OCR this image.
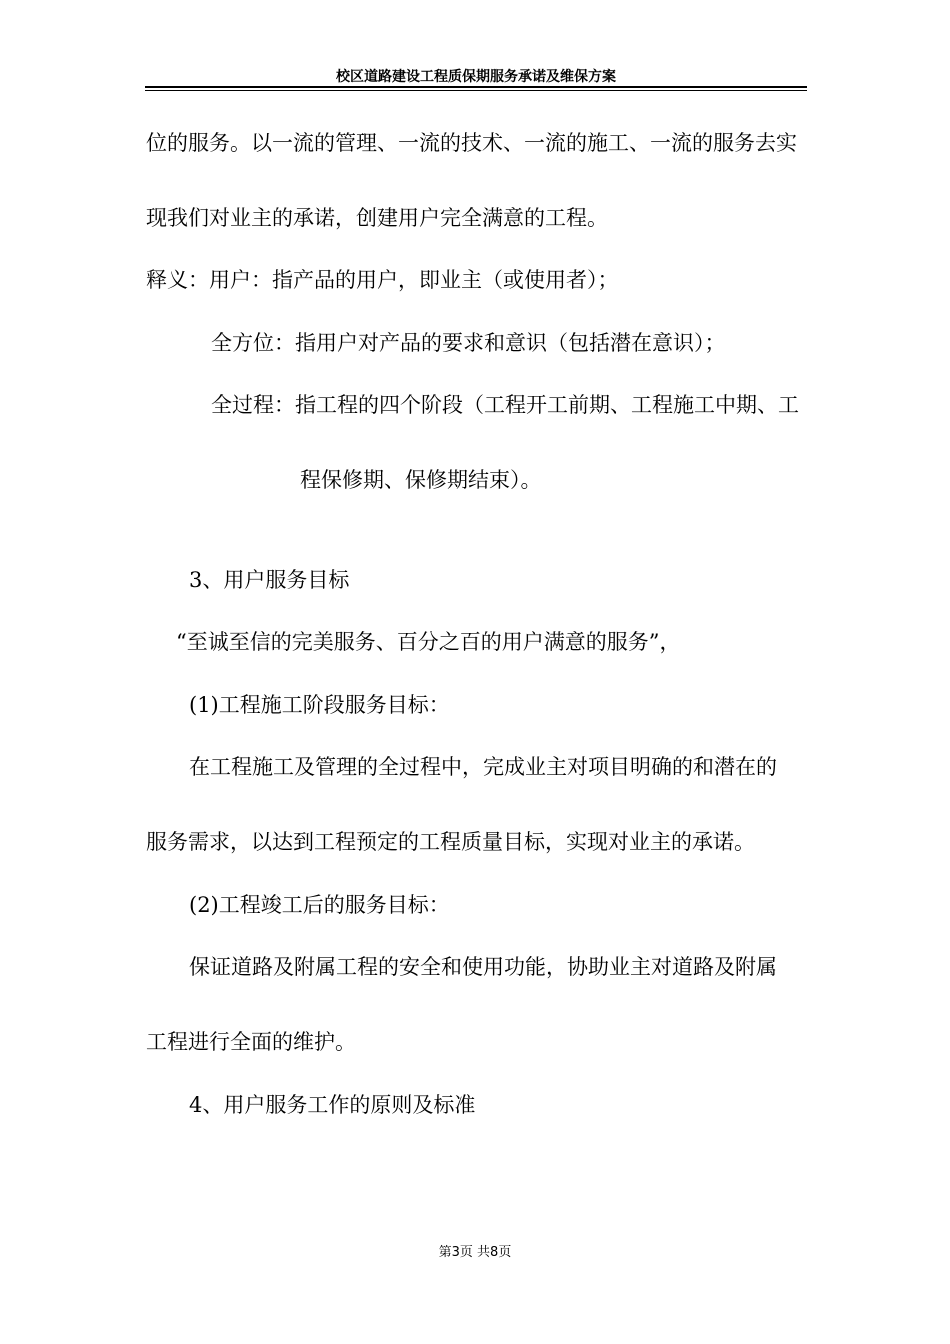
校区道路建设工程质保期服务承诺及维保方案
位的服务。以一流的管理、一流的技术、一流的施工、一流的服务去实
现我们对业主的承诺，创建用户完全满意的工程。
释义：用户：指产品的用户，即业主（或使用者）；
全方位：指用户对产品的要求和意识（包括潜在意识）；
全过程：指工程的四个阶段（工程开工前期、工程施工中期、工
程保修期、保修期结束）。
3、用户服务目标
“至诚至信的完美服务、百分之百的用户满意的服务”，
(1)工程施工阶段服务目标：
在工程施工及管理的全过程中，完成业主对项目明确的和潜在的
服务需求，以达到工程预定的工程质量目标，实现对业主的承诺。
(2)工程竣工后的服务目标：
保证道路及附属工程的安全和使用功能，协助业主对道路及附属
工程进行全面的维护。
4、用户服务工作的原则及标准
第3页 共8页
